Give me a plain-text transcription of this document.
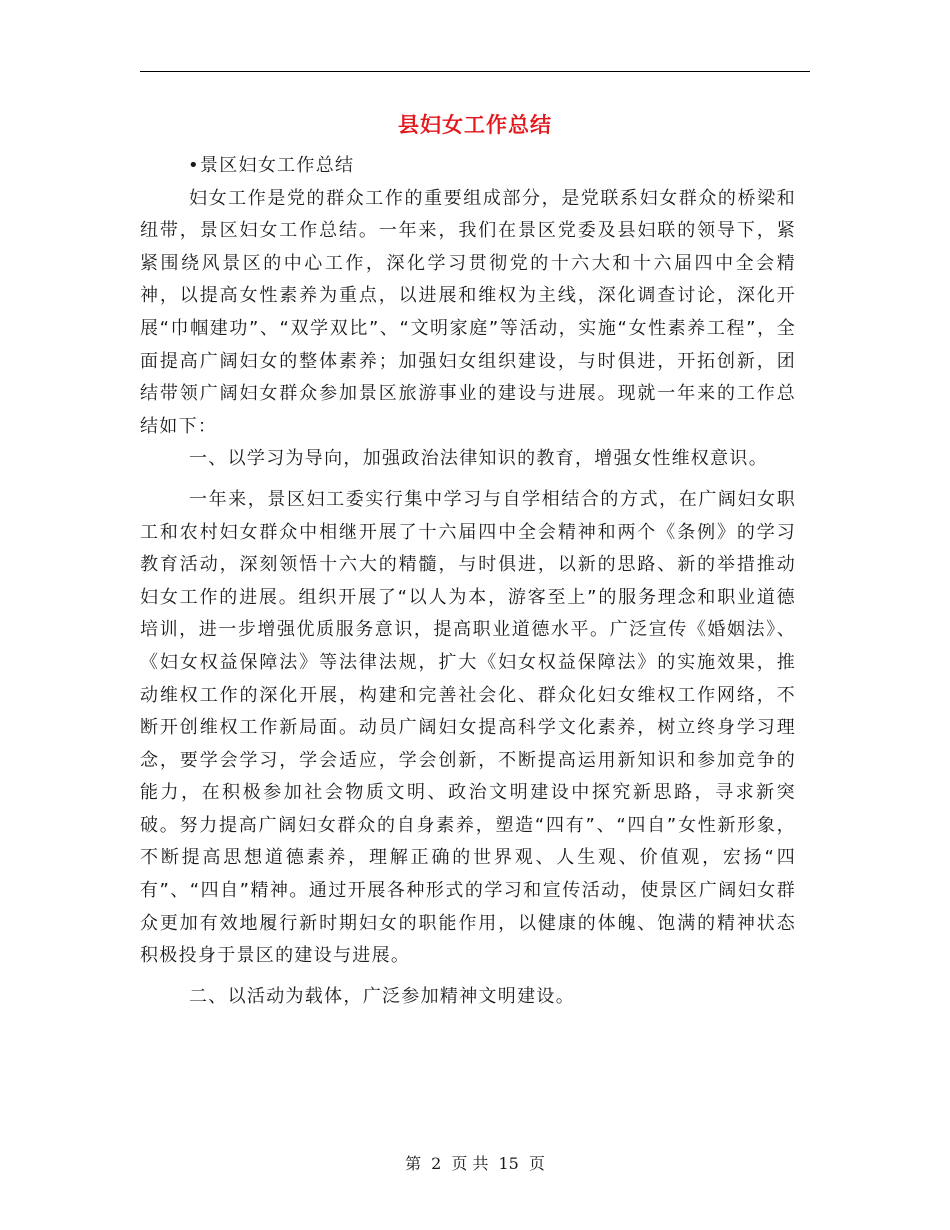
县妇女工作总结

•景区妇女工作总结

妇女工作是党的群众工作的重要组成部分，是党联系妇女群众的桥梁和纽带，景区妇女工作总结。一年来，我们在景区党委及县妇联的领导下，紧紧围绕风景区的中心工作，深化学习贯彻党的十六大和十六届四中全会精神，以提高女性素养为重点，以进展和维权为主线，深化调查讨论，深化开展“巾帼建功”、“双学双比”、“文明家庭”等活动，实施“女性素养工程”，全面提高广阔妇女的整体素养；加强妇女组织建设，与时俱进，开拓创新，团结带领广阔妇女群众参加景区旅游事业的建设与进展。现就一年来的工作总结如下：

一、以学习为导向，加强政治法律知识的教育，增强女性维权意识。

一年来，景区妇工委实行集中学习与自学相结合的方式，在广阔妇女职工和农村妇女群众中相继开展了十六届四中全会精神和两个《条例》的学习教育活动，深刻领悟十六大的精髓，与时俱进，以新的思路、新的举措推动妇女工作的进展。组织开展了“以人为本，游客至上”的服务理念和职业道德培训，进一步增强优质服务意识，提高职业道德水平。广泛宣传《婚姻法》、《妇女权益保障法》等法律法规，扩大《妇女权益保障法》的实施效果，推动维权工作的深化开展，构建和完善社会化、群众化妇女维权工作网络，不断开创维权工作新局面。动员广阔妇女提高科学文化素养，树立终身学习理念，要学会学习，学会适应，学会创新，不断提高运用新知识和参加竞争的能力，在积极参加社会物质文明、政治文明建设中探究新思路，寻求新突破。努力提高广阔妇女群众的自身素养，塑造“四有”、“四自”女性新形象，不断提高思想道德素养，理解正确的世界观、人生观、价值观，宏扬“四有”、“四自”精神。通过开展各种形式的学习和宣传活动，使景区广阔妇女群众更加有效地履行新时期妇女的职能作用，以健康的体魄、饱满的精神状态积极投身于景区的建设与进展。

二、以活动为载体，广泛参加精神文明建设。

第 2 页 共 15 页
